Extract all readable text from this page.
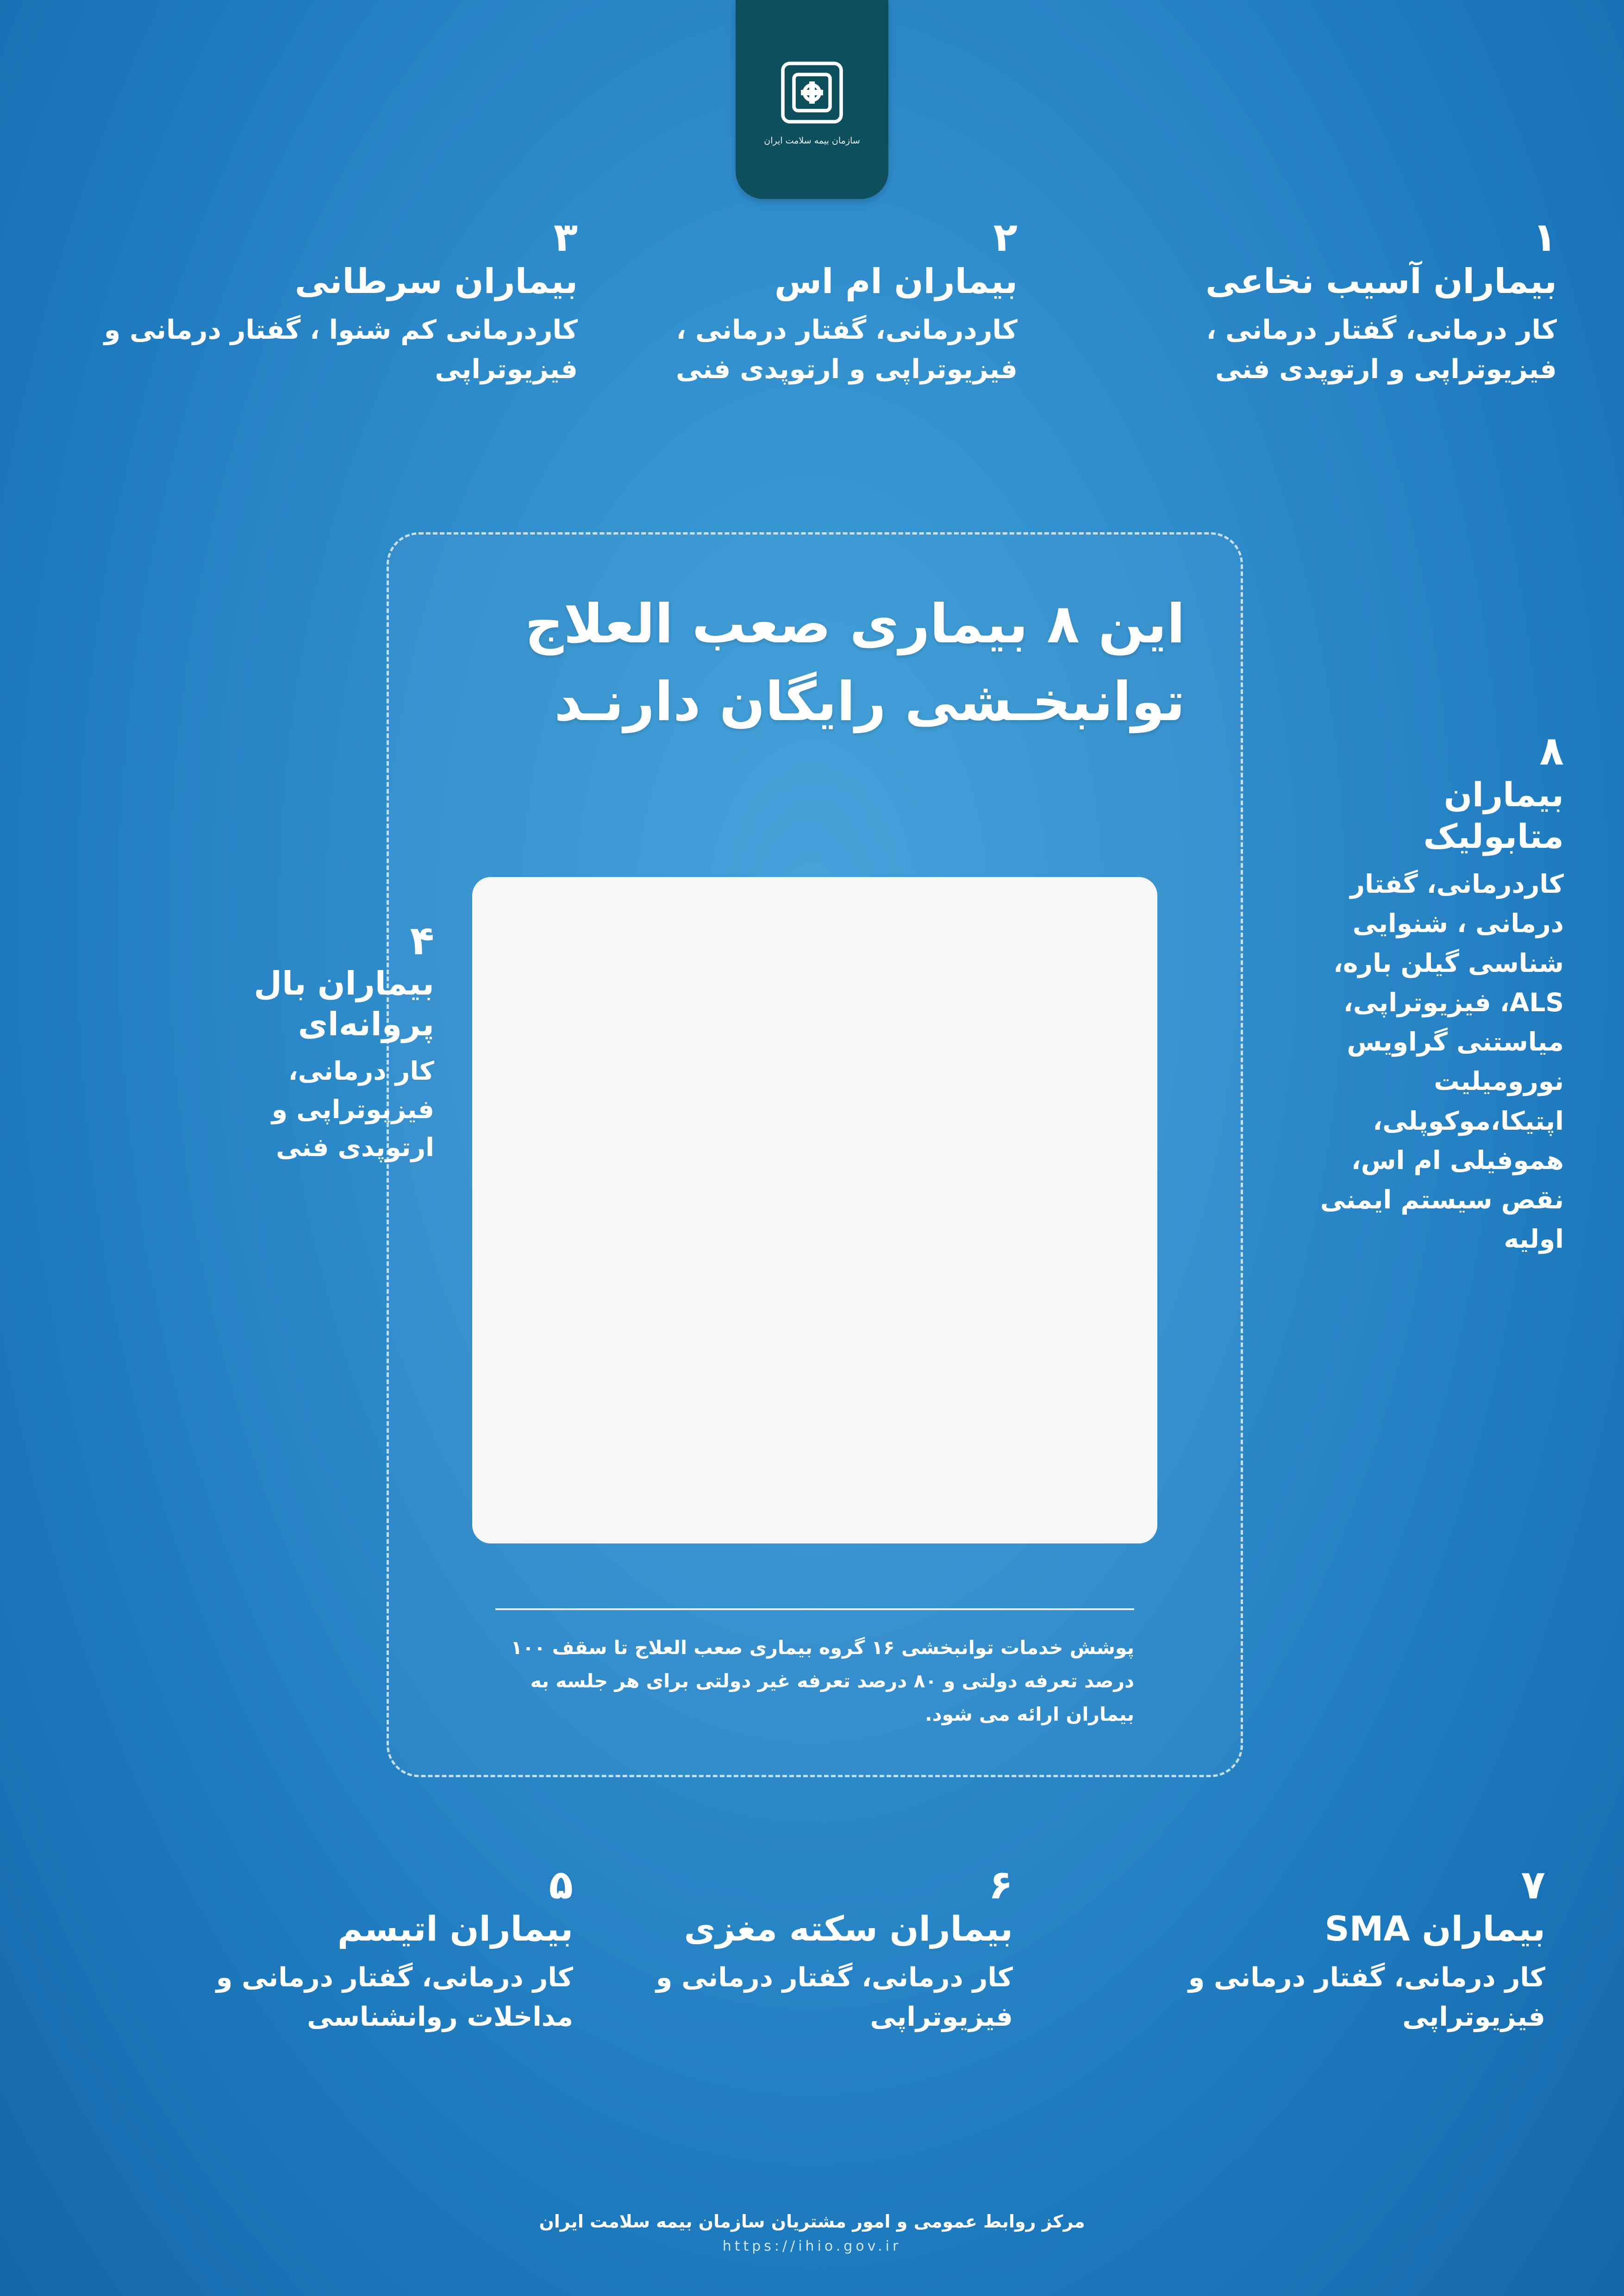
سازمان بیمه سلامت ایران
این ۸ بیماری صعب العلاج
توانبخـشی رایگان دارنـد
پوشش خدمات توانبخشی ۱۶ گروه بیماری صعب العلاج تا سقف ۱۰۰ درصد تعرفه دولتی و ۸۰ درصد تعرفه غیر دولتی برای هر جلسه به بیماران ارائه می شود.
۱
بیماران آسیب نخاعی
کار درمانی، گفتار درمانی ، فیزیوتراپی و ارتوپدی فنی
۲
بیماران ام اس
کاردرمانی، گفتار درمانی ، فیزیوتراپی و ارتوپدی فنی
۳
بیماران سرطانی
کاردرمانی کم شنوا ، گفتار درمانی و فیزیوتراپی
۴
بیماران بال پروانه‌ای
کار درمانی، فیزیوتراپی و ارتوپدی فنی
۵
بیماران اتیسم
کار درمانی، گفتار درمانی و مداخلات روانشناسی
۶
بیماران سکته مغزی
کار درمانی، گفتار درمانی و فیزیوتراپی
۷
بیماران SMA
کار درمانی، گفتار درمانی و فیزیوتراپی
۸
بیماران متابولیک
کاردرمانی، گفتار درمانی ، شنوایی شناسی گیلن باره، ALS، فیزیوتراپی، میاستنی گراویس نورومیلیت اپتیکا،موکوپلی، هموفیلی ام اس، نقص سیستم ایمنی اولیه
مرکز روابط عمومی و امور مشتریان سازمان بیمه سلامت ایران
https://ihio.gov.ir
